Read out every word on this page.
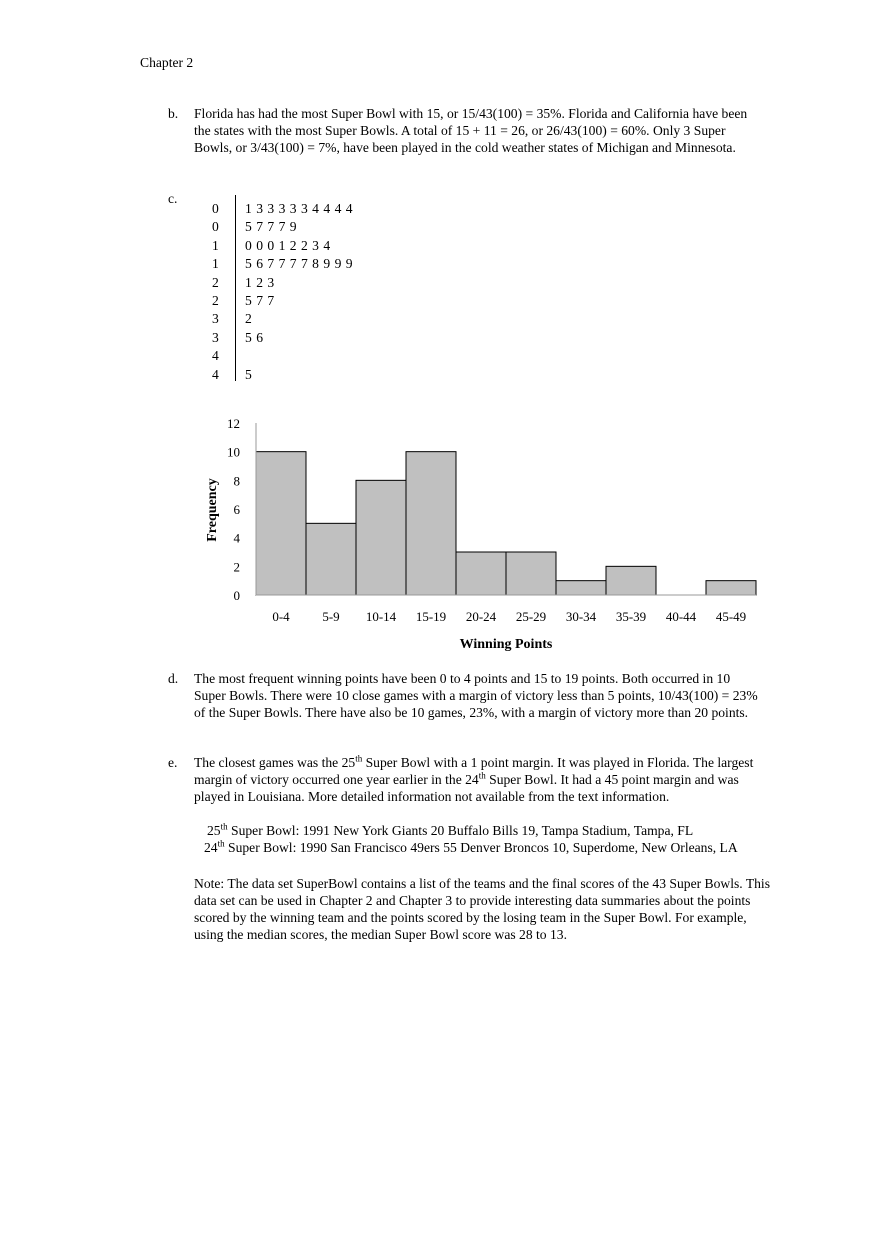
Chapter 2
b. Florida has had the most Super Bowl with 15, or 15/43(100) = 35%. Florida and California have been the states with the most Super Bowls. A total of 15 + 11 = 26, or 26/43(100) = 60%. Only 3 Super Bowls, or 3/43(100) = 7%, have been played in the cold weather states of Michigan and Minnesota.
c.
0 1 3 3 3 3 3 4 4 4 4
0 5 7 7 7 9
1 0 0 0 1 2 2 3 4
1 5 6 7 7 7 7 8 9 9 9
2 1 2 3
2 5 7 7
3 2
3 5 6
4
4 5
0
2
4
6
8
10
12
0-4	5-9 10-14 15-19 20-24 25-29 30-34 35-39 40-44 45-49
Winning Points
Frequency
d. The most frequent winning points have been 0 to 4 points and 15 to 19 points. Both occurred in 10 Super Bowls. There were 10 close games with a margin of victory less than 5 points, 10/43(100) = 23% of the Super Bowls. There have also be 10 games, 23%, with a margin of victory more than 20 points.
e. The closest games was the 25th Super Bowl with a 1 point margin. It was played in Florida. The largest margin of victory occurred one year earlier in the 24th Super Bowl. It had a 45 point margin and was played in Louisiana. More detailed information not available from the text information.
25th Super Bowl: 1991 New York Giants 20 Buffalo Bills 19, Tampa Stadium, Tampa, FL
24th Super Bowl: 1990 San Francisco 49ers 55 Denver Broncos 10, Superdome, New Orleans, LA
Note: The data set SuperBowl contains a list of the teams and the final scores of the 43 Super Bowls. This data set can be used in Chapter 2 and Chapter 3 to provide interesting data summaries about the points scored by the winning team and the points scored by the losing team in the Super Bowl. For example, using the median scores, the median Super Bowl score was 28 to 13.
